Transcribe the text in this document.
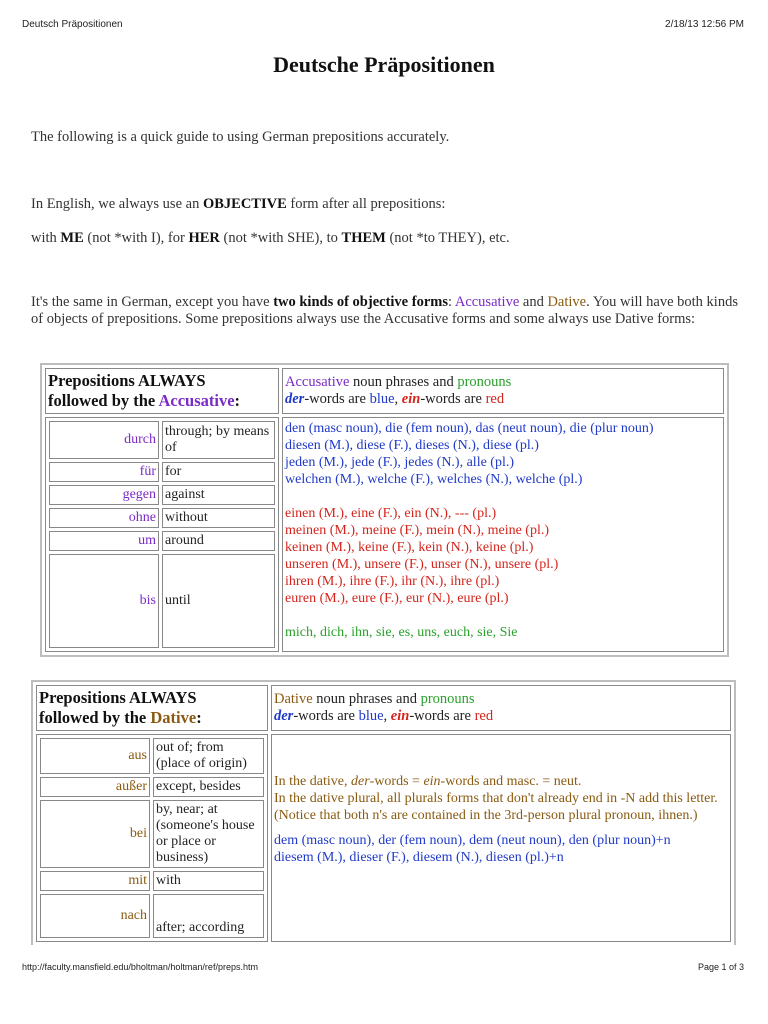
Deutsch Präpositionen	2/18/13 12:56 PM
Deutsche Präpositionen

The following is a quick guide to using German prepositions accurately.

In English, we always use an OBJECTIVE form after all prepositions:

with ME (not *with I), for HER (not *with SHE), to THEM (not *to THEY), etc.

It's the same in German, except you have two kinds of objective forms: Accusative and Dative. You will have both kinds of objects of prepositions. Some prepositions always use the Accusative forms and some always use Dative forms:

Prepositions ALWAYS
followed by the Accusative:	Accusative noun phrases and pronouns
der-words are blue, ein-words are red

durch	through; by means of
für	for
gegen	against
ohne	without
um	around
bis	until

den (masc noun), die (fem noun), das (neut noun), die (plur noun)
diesen (M.), diese (F.), dieses (N.), diese (pl.)
jeden (M.), jede (F.), jedes (N.), alle (pl.)
welchen (M.), welche (F.), welches (N.), welche (pl.)
einen (M.), eine (F.), ein (N.), --- (pl.)
meinen (M.), meine (F.), mein (N.), meine (pl.)
keinen (M.), keine (F.), kein (N.), keine (pl.)
unseren (M.), unsere (F.), unser (N.), unsere (pl.)
ihren (M.), ihre (F.), ihr (N.), ihre (pl.)
euren (M.), eure (F.), eur (N.), eure (pl.)
mich, dich, ihn, sie, es, uns, euch, sie, Sie
Prepositions ALWAYS
followed by the Dative:	Dative noun phrases and pronouns
der-words are blue, ein-words are red

aus	out of; from (place of origin)
außer	except, besides
bei	by, near; at (someone's house or place or business)
mit	with
nach	after; according

In the dative, der-words = ein-words and masc. = neut.
In the dative plural, all plurals forms that don't already end in -N add this letter. (Notice that both n's are contained in the 3rd-person plural pronoun, ihnen.)
dem (masc noun), der (fem noun), dem (neut noun), den (plur noun)+n
diesem (M.), dieser (F.), diesem (N.), diesen (pl.)+n
http://faculty.mansfield.edu/bholtman/holtman/ref/preps.htm	Page 1 of 3
